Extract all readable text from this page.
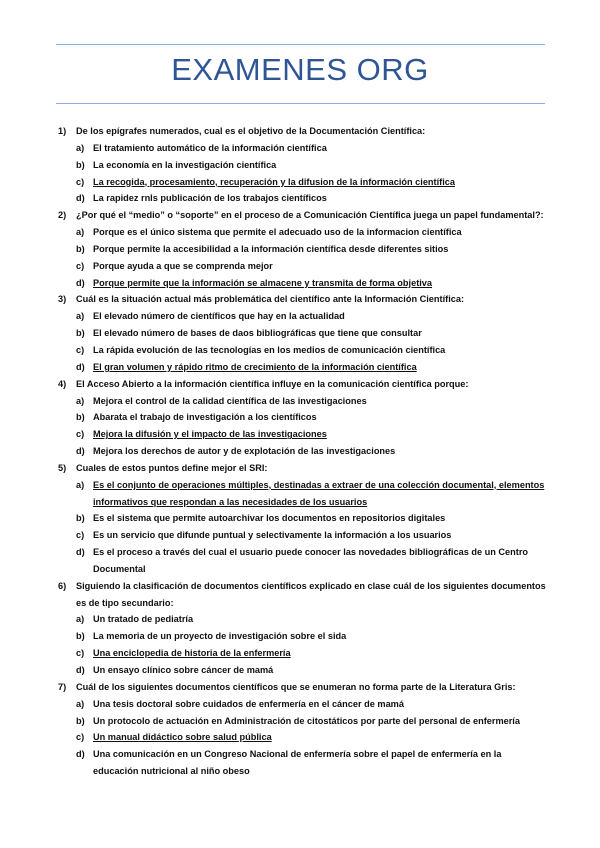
EXAMENES ORG
1) De los epígrafes numerados, cual es el objetivo de la Documentación Científica:
a) El tratamiento automático de la información científica
b) La economía en la investigación científica
c) La recogida, procesamiento, recuperación y la difusion de la información científica
d) La rapidez rnls publicación de los trabajos científicos
2) ¿Por qué el “medio” o “soporte” en el proceso de a Comunicación Científica juega un papel fundamental?:
a) Porque es el único sistema que permite el adecuado uso de la informacion científica
b) Porque permite la accesibilidad a la información científica desde diferentes sitios
c) Porque ayuda a que se comprenda mejor
d) Porque permite que la información se almacene y transmita de forma objetiva
3) Cuál es la situación actual más problemática del científico ante la Información Científica:
a) El elevado número de científicos que hay en la actualidad
b) El elevado número de bases de daos bibliográficas que tiene que consultar
c) La rápida evolución de las tecnologías en los medios de comunicación científica
d) El gran volumen y rápido ritmo de crecimiento de la información científica
4) El Acceso Abierto a la información científica influye en la comunicación científica porque:
a) Mejora el control de la calidad científica de las investigaciones
b) Abarata el trabajo de investigación a los científicos
c) Mejora la difusión y el impacto de las investigaciones
d) Mejora los derechos de autor y de explotación de las investigaciones
5) Cuales de estos puntos define mejor el SRI:
a) Es el conjunto de operaciones múltiples, destinadas a extraer de una colección documental, elementos informativos que respondan a las necesidades de los usuarios
b) Es el sistema que permite autoarchivar los documentos en repositorios digitales
c) Es un servicio que difunde puntual y selectivamente la información a los usuarios
d) Es el proceso a través del cual el usuario puede conocer las novedades bibliográficas de un Centro Documental
6) Siguiendo la clasificación de documentos científicos explicado en clase cuál de los siguientes documentos es de tipo secundario:
a) Un tratado de pediatría
b) La memoria de un proyecto de investigación sobre el sida
c) Una enciclopedia de historia de la enfermería
d) Un ensayo clínico sobre cáncer de mamá
7) Cuál de los siguientes documentos científicos que se enumeran no forma parte de la Literatura Gris:
a) Una tesis doctoral sobre cuidados de enfermería en el cáncer de mamá
b) Un protocolo de actuación en Administración de citostáticos por parte del personal de enfermería
c) Un manual didáctico sobre salud pública
d) Una comunicación en un Congreso Nacional de enfermería sobre el papel de enfermería en la educación nutricional al niño obeso
